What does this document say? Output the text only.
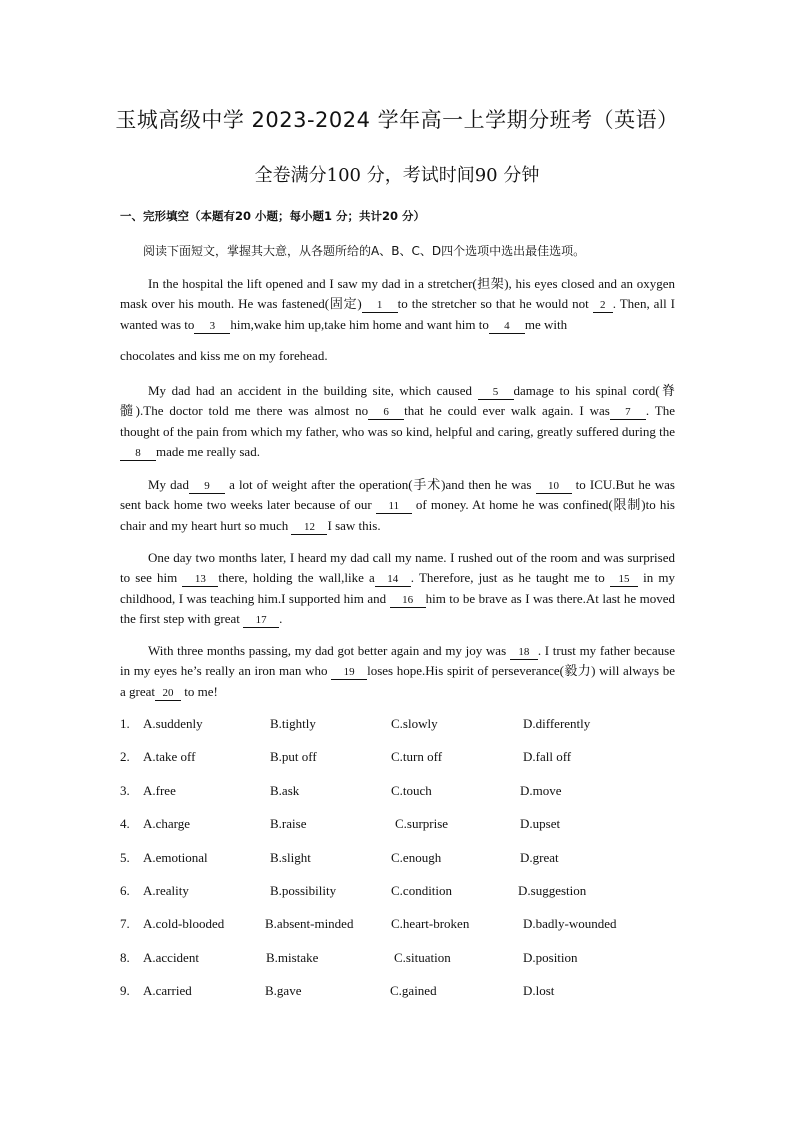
玉城高级中学 2023-2024 学年高一上学期分班考（英语）
全卷满分100 分，考试时间90 分钟
一、完形填空（本题有20 小题；每小题1 分；共计20 分）
阅读下面短文，掌握其大意，从各题所给的A、B、C、D四个选项中选出最佳选项。
In the hospital the lift opened and I saw my dad in a stretcher(担架), his eyes closed and an oxygen mask over his mouth. He was fastened(固定) 1 to the stretcher so that he would not 2 . Then, all I wanted was to 3 him,wake him up,take him home and want him to 4 me with
chocolates and kiss me on my forehead.
My dad had an accident in the building site, which caused 5 damage to his spinal cord(脊髓).The doctor told me there was almost no 6 that he could ever walk again. I was 7 . The thought of the pain from which my father, who was so kind, helpful and caring, greatly suffered during the8 made me really sad.
My dad 9 a lot of weight after the operation(手术)and then he was 10 to ICU.But he was sent back home two weeks later because of our 11 of money. At home he was confined(限制)to his chair and my heart hurt so much 12 I saw this.
One day two months later, I heard my dad call my name. I rushed out of the room and was surprised to see him 13 there, holding the wall,like a 14 . Therefore, just as he taught me to 15 in my childhood, I was teaching him.I supported him and 16 him to be brave as I was there.At last he moved the first step with great 17 .
With three months passing, my dad got better again and my joy was 18 . I trust my father because in my eyes he’s really an iron man who 19 loses hope.His spirit of perseverance(毅力) will always be a great 20 to me!
1. A.suddenly	B.tightly	C.slowly	D.differently
2. A.take off	B.put off	C.turn off	D.fall off
3. A.free	B.ask	C.touch	D.move
4. A.charge	B.raise	C.surprise	D.upset
5. A.emotional	B.slight	C.enough	D.great
6. A.reality	B.possibility	C.condition	D.suggestion
7. A.cold-blooded	B.absent-minded	C.heart-broken	D.badly-wounded
8. A.accident	B.mistake	C.situation	D.position
9. A.carried	B.gave	C.gained	D.lost
